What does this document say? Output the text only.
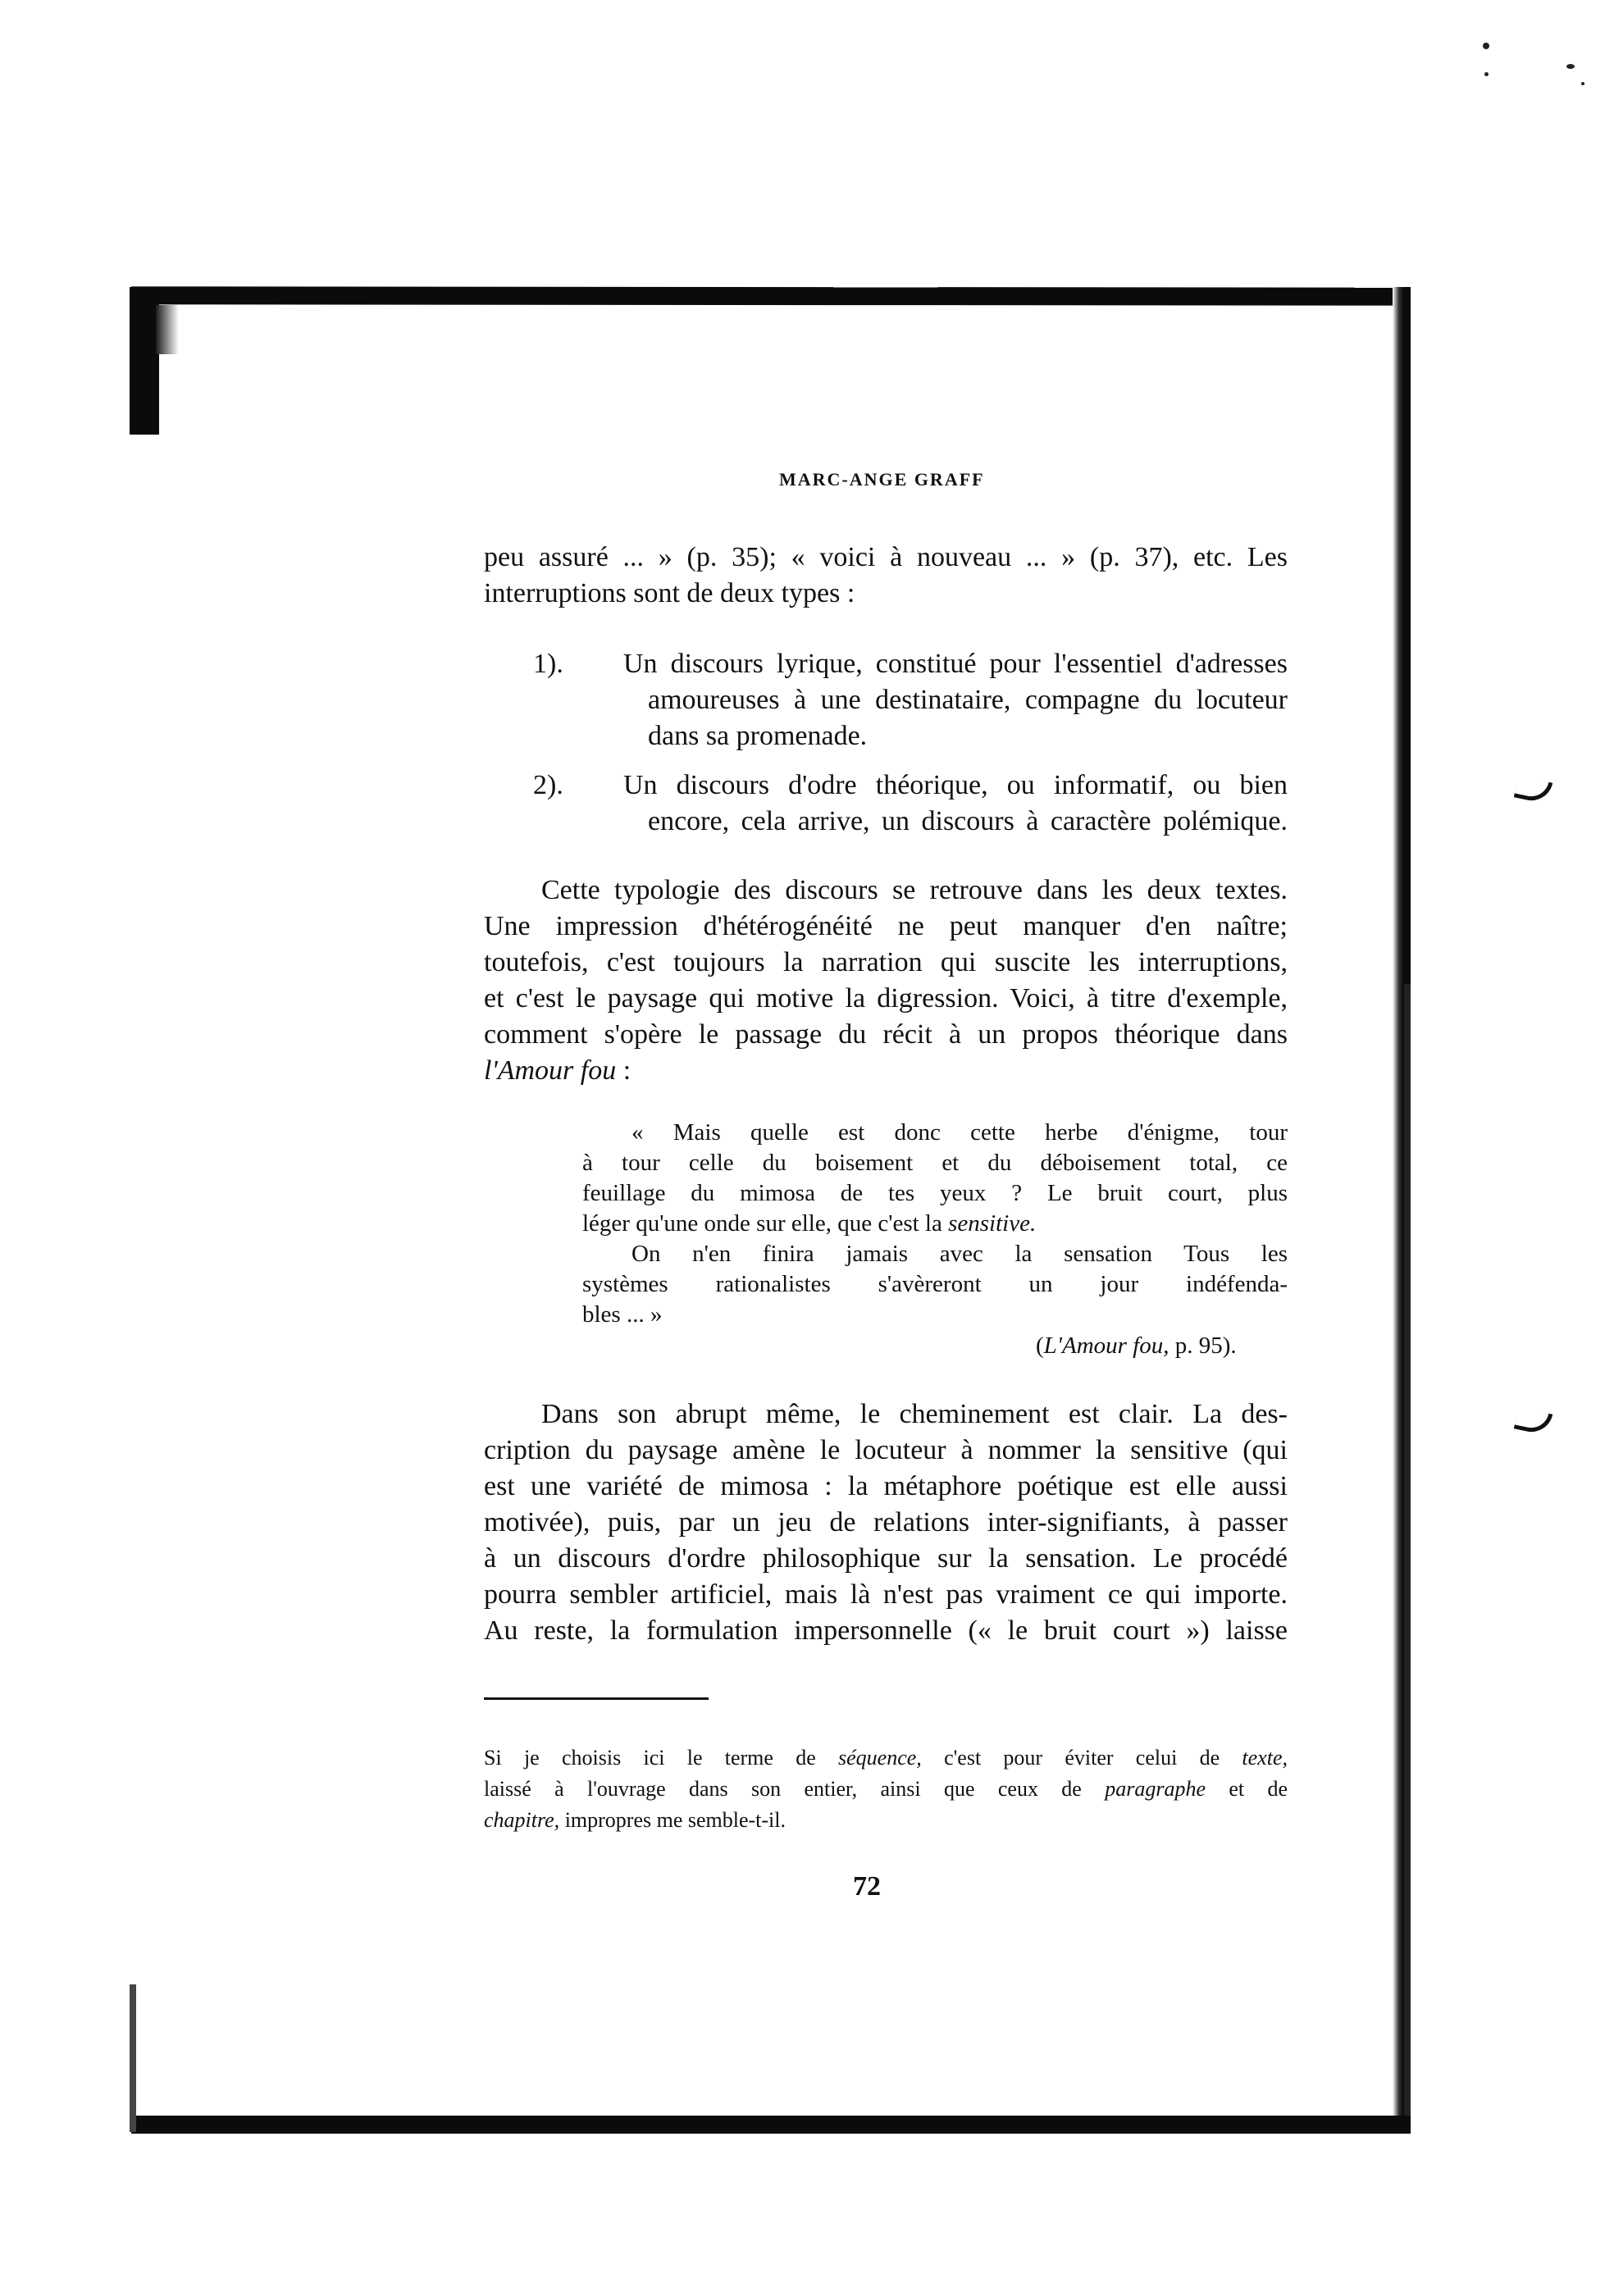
MARC-ANGE GRAFF
peu assuré ... » (p. 35); « voici à nouveau ... » (p. 37), etc. Les
interruptions sont de deux types :
1). Un discours lyrique, constitué pour l'essentiel d'adresses
amoureuses à une destinataire, compagne du locuteur
dans sa promenade.
2). Un discours d'odre théorique, ou informatif, ou bien
encore, cela arrive, un discours à caractère polémique.
Cette typologie des discours se retrouve dans les deux textes.
Une impression d'hétérogénéité ne peut manquer d'en naître;
toutefois, c'est toujours la narration qui suscite les interruptions,
et c'est le paysage qui motive la digression. Voici, à titre d'exemple,
comment s'opère le passage du récit à un propos théorique dans
l'Amour fou :

« Mais quelle est donc cette herbe d'énigme, tour

à tour celle du boisement et du déboisement total, ce

feuillage du mimosa de tes yeux ? Le bruit court, plus

léger qu'une onde sur elle, que c'est la sensitive.

On n'en finira jamais avec la sensation Tous les

systèmes rationalistes s'avèreront un jour indéfenda-

bles ... »

(L'Amour fou, p. 95).
Dans son abrupt même, le cheminement est clair. La des-
cription du paysage amène le locuteur à nommer la sensitive (qui
est une variété de mimosa : la métaphore poétique est elle aussi
motivée), puis, par un jeu de relations inter-signifiants, à passer
à un discours d'ordre philosophique sur la sensation. Le procédé
pourra sembler artificiel, mais là n'est pas vraiment ce qui importe.
Au reste, la formulation impersonnelle (« le bruit court ») laisse

Si je choisis ici le terme de séquence, c'est pour éviter celui de texte,

laissé à l'ouvrage dans son entier, ainsi que ceux de paragraphe et de

chapitre, impropres me semble-t-il.

72
